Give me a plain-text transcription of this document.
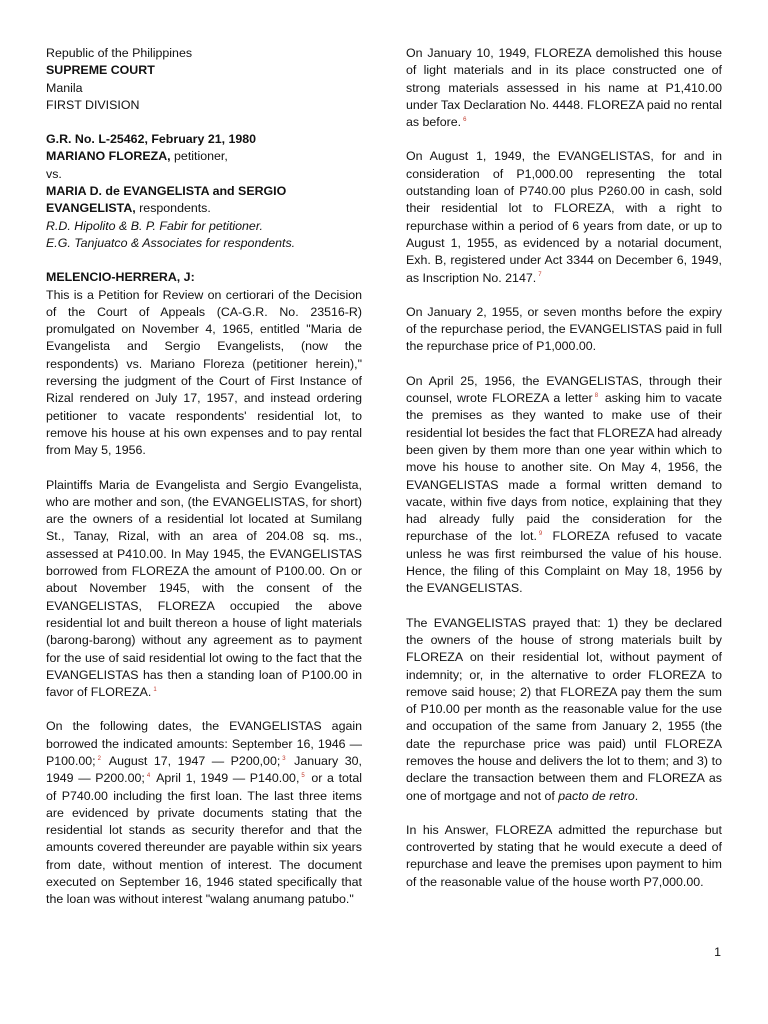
Republic of the Philippines
SUPREME COURT
Manila
FIRST DIVISION
G.R. No. L-25462, February 21, 1980
MARIANO FLOREZA, petitioner,
vs.
MARIA D. de EVANGELISTA and SERGIO EVANGELISTA, respondents.
R.D. Hipolito & B. P. Fabir for petitioner.
E.G. Tanjuatco & Associates for respondents.
MELENCIO-HERRERA, J:

This is a Petition for Review on certiorari of the Decision of the Court of Appeals (CA-G.R. No. 23516-R) promulgated on November 4, 1965, entitled "Maria de Evangelista and Sergio Evangelists, (now the respondents) vs. Mariano Floreza (petitioner herein)," reversing the judgment of the Court of First Instance of Rizal rendered on July 17, 1957, and instead ordering petitioner to vacate respondents' residential lot, to remove his house at his own expenses and to pay rental from May 5, 1956.

Plaintiffs Maria de Evangelista and Sergio Evangelista, who are mother and son, (the EVANGELISTAS, for short) are the owners of a residential lot located at Sumilang St., Tanay, Rizal, with an area of 204.08 sq. ms., assessed at P410.00. In May 1945, the EVANGELISTAS borrowed from FLOREZA the amount of P100.00. On or about November 1945, with the consent of the EVANGELISTAS, FLOREZA occupied the above residential lot and built thereon a house of light materials (barong-barong) without any agreement as to payment for the use of said residential lot owing to the fact that the EVANGELISTAS has then a standing loan of P100.00 in favor of FLOREZA. $^1$

On the following dates, the EVANGELISTAS again borrowed the indicated amounts: September 16, 1946 — P100.00; $^2$ August 17, 1947 — P200,00; $^3$ January 30, 1949 — P200.00; $^4$ April 1, 1949 — P140.00, $^5$ or a total of P740.00 including the first loan. The last three items are evidenced by private documents stating that the residential lot stands as security therefor and that the amounts covered thereunder are payable within six years from date, without mention of interest. The document executed on September 16, 1946 stated specifically that the loan was without interest "walang anumang patubo."

On January 10, 1949, FLOREZA demolished this house of light materials and in its place constructed one of strong materials assessed in his name at P1,410.00 under Tax Declaration No. 4448. FLOREZA paid no rental as before. $^6$

On August 1, 1949, the EVANGELISTAS, for and in consideration of P1,000.00 representing the total outstanding loan of P740.00 plus P260.00 in cash, sold their residential lot to FLOREZA, with a right to repurchase within a period of 6 years from date, or up to August 1, 1955, as evidenced by a notarial document, Exh. B, registered under Act 3344 on December 6, 1949, as Inscription No. 2147. $^7$

On January 2, 1955, or seven months before the expiry of the repurchase period, the EVANGELISTAS paid in full the repurchase price of P1,000.00.

On April 25, 1956, the EVANGELISTAS, through their counsel, wrote FLOREZA a letter $^8$ asking him to vacate the premises as they wanted to make use of their residential lot besides the fact that FLOREZA had already been given by them more than one year within which to move his house to another site. On May 4, 1956, the EVANGELISTAS made a formal written demand to vacate, within five days from notice, explaining that they had already fully paid the consideration for the repurchase of the lot. $^9$ FLOREZA refused to vacate unless he was first reimbursed the value of his house. Hence, the filing of this Complaint on May 18, 1956 by the EVANGELISTAS.

The EVANGELISTAS prayed that: 1) they be declared the owners of the house of strong materials built by FLOREZA on their residential lot, without payment of indemnity; or, in the alternative to order FLOREZA to remove said house; 2) that FLOREZA pay them the sum of P10.00 per month as the reasonable value for the use and occupation of the same from January 2, 1955 (the date the repurchase price was paid) until FLOREZA removes the house and delivers the lot to them; and 3) to declare the transaction between them and FLOREZA as one of mortgage and not of pacto de retro.

In his Answer, FLOREZA admitted the repurchase but controverted by stating that he would execute a deed of repurchase and leave the premises upon payment to him of the reasonable value of the house worth P7,000.00.

1
